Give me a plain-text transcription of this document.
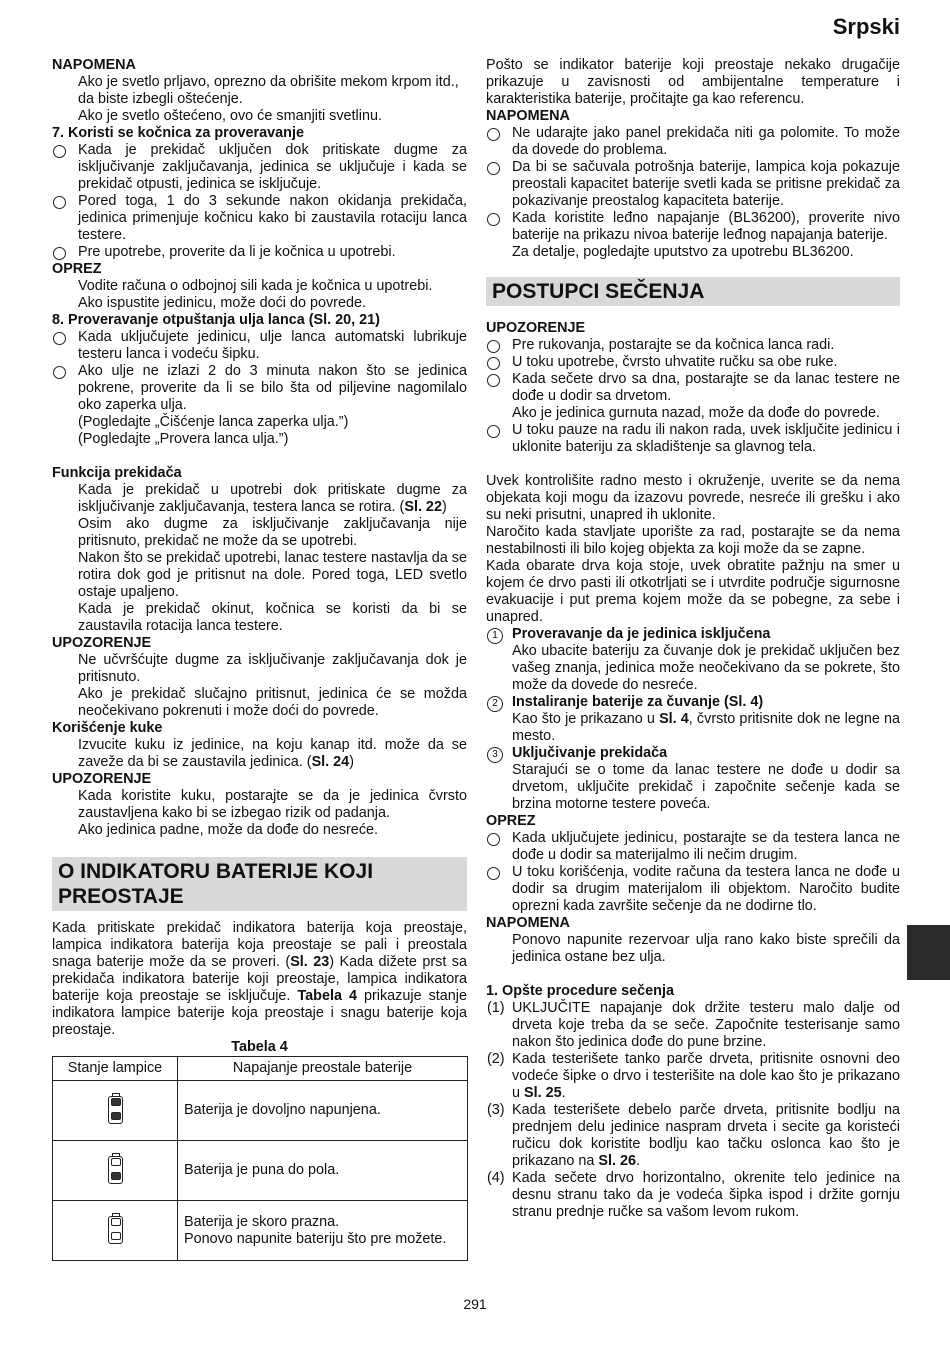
Srpski

NAPOMENA

Ako je svetlo prljavo, oprezno da obrišite mekom krpom itd., da biste izbegli oštećenje.

Ako je svetlo oštećeno, ovo će smanjiti svetlinu.

7. Koristi se kočnica za proveravanje

Kada je prekidač uključen dok pritiskate dugme za isključivanje zaključavanja, jedinica se uključuje i kada se prekidač otpusti, jedinica se isključuje.
Pored toga, 1 do 3 sekunde nakon okidanja prekidača, jedinica primenjuje kočnicu kako bi zaustavila rotaciju lanca testere.
Pre upotrebe, proverite da li je kočnica u upotrebi.

OPREZ

Vodite računa o odbojnoj sili kada je kočnica u upotrebi.

Ako ispustite jedinicu, može doći do povrede.

8. Proveravanje otpuštanja ulja lanca (Sl. 20, 21)

Kada uključujete jedinicu, ulje lanca automatski lubrikuje testeru lanca i vodeću šipku.
Ako ulje ne izlazi 2 do 3 minuta nakon što se jedinica pokrene, proverite da li se bilo šta od piljevine nagomilalo oko zaperka ulja.

(Pogledajte „Čišćenje lanca zaperka ulja.”)

(Pogledajte „Provera lanca ulja.”)

Funkcija prekidača

Kada je prekidač u upotrebi dok pritiskate dugme za isključivanje zaključavanja, testera lanca se rotira. (Sl. 22)

Osim ako dugme za isključivanje zaključavanja nije pritisnuto, prekidač ne može da se upotrebi.

Nakon što se prekidač upotrebi, lanac testere nastavlja da se rotira dok god je pritisnut na dole. Pored toga, LED svetlo ostaje upaljeno.

Kada je prekidač okinut, kočnica se koristi da bi se zaustavila rotacija lanca testere.

UPOZORENJE

Ne učvršćujte dugme za isključivanje zaključavanja dok je pritisnuto.

Ako je prekidač slučajno pritisnut, jedinica će se možda neočekivano pokrenuti i može doći do povrede.

Korišćenje kuke

Izvucite kuku iz jedinice, na koju kanap itd. može da se zaveže da bi se zaustavila jedinica. (Sl. 24)

UPOZORENJE

Kada koristite kuku, postarajte se da je jedinica čvrsto zaustavljena kako bi se izbegao rizik od padanja.

Ako jedinica padne, može da dođe do nesreće.

O INDIKATORU BATERIJE KOJI PREOSTAJE

Kada pritiskate prekidač indikatora baterija koja preostaje, lampica indikatora baterija koja preostaje se pali i preostala snaga baterije može da se proveri. (Sl. 23) Kada dižete prst sa prekidača indikatora baterije koji preostaje, lampica indikatora baterije koja preostaje se isključuje. Tabela 4 prikazuje stanje indikatora lampice baterije koja preostaje i snagu baterije koja preostaje.

Tabela 4

Stanje lampice	Napajanje preostale baterije

	Baterija je dovoljno napunjena.

	Baterija je puna do pola.

	Baterija je skoro prazna.
Ponovo napunite bateriju što pre možete.

Pošto se indikator baterije koji preostaje nekako drugačije prikazuje u zavisnosti od ambijentalne temperature i karakteristika baterije, pročitajte ga kao referencu.

NAPOMENA

Ne udarajte jako panel prekidača niti ga polomite. To može da dovede do problema.
Da bi se sačuvala potrošnja baterije, lampica koja pokazuje preostali kapacitet baterije svetli kada se pritisne prekidač za pokazivanje preostalog kapaciteta baterije.
Kada koristite leđno napajanje (BL36200), proverite nivo baterije na prikazu nivoa baterije leđnog napajanja baterije.

Za detalje, pogledajte uputstvo za upotrebu BL36200.

POSTUPCI SEČENJA

UPOZORENJE

Pre rukovanja, postarajte se da kočnica lanca radi.
U toku upotrebe, čvrsto uhvatite ručku sa obe ruke.
Kada sečete drvo sa dna, postarajte se da lanac testere ne dođe u dodir sa drvetom.

Ako je jedinica gurnuta nazad, može da dođe do povrede.

U toku pauze na radu ili nakon rada, uvek isključite jedinicu i uklonite bateriju za skladištenje sa glavnog tela.

Uvek kontrolišite radno mesto i okruženje, uverite se da nema objekata koji mogu da izazovu povrede, nesreće ili grešku i ako su neki prisutni, unapred ih uklonite.

Naročito kada stavljate uporište za rad, postarajte se da nema nestabilnosti ili bilo kojeg objekta za koji može da se zapne.

Kada obarate drva koja stoje, uvek obratite pažnju na smer u kojem će drvo pasti ili otkotrljati se i utvrdite područje sigurnosne evakuacije i put prema kojem može da se pobegne, za sebe i unapred.

1 Proveravanje da je jedinica isključena

Ako ubacite bateriju za čuvanje dok je prekidač uključen bez vašeg znanja, jedinica može neočekivano da se pokrete, što može da dovede do nesreće.

2 Instaliranje baterije za čuvanje (Sl. 4)

Kao što je prikazano u Sl. 4, čvrsto pritisnite dok ne legne na mesto.

3 Uključivanje prekidača

Starajući se o tome da lanac testere ne dođe u dodir sa drvetom, uključite prekidač i započnite sečenje kada se brzina motorne testere poveća.

OPREZ

Kada uključujete jedinicu, postarajte se da testera lanca ne dođe u dodir sa materijalmo ili nečim drugim.
U toku korišćenja, vodite računa da testera lanca ne dođe u dodir sa drugim materijalom ili objektom. Naročito budite oprezni kada završite sečenje da ne dodirne tlo.

NAPOMENA

Ponovo napunite rezervoar ulja rano kako biste sprečili da jedinica ostane bez ulja.

1. Opšte procedure sečenja

(1) UKLJUČITE napajanje dok držite testeru malo dalje od drveta koje treba da se seče. Započnite testerisanje samo nakon što jedinica dođe do pune brzine.
(2) Kada testerišete tanko parče drveta, pritisnite osnovni deo vodeće šipke o drvo i testerišite na dole kao što je prikazano u Sl. 25.
(3) Kada testerišete debelo parče drveta, pritisnite bodlju na prednjem delu jedinice naspram drveta i secite ga koristeći ručicu dok koristite bodlju kao tačku oslonca kao što je prikazano na Sl. 26.
(4) Kada sečete drvo horizontalno, okrenite telo jedinice na desnu stranu tako da je vodeća šipka ispod i držite gornju stranu prednje ručke sa vašom levom rukom.
291
